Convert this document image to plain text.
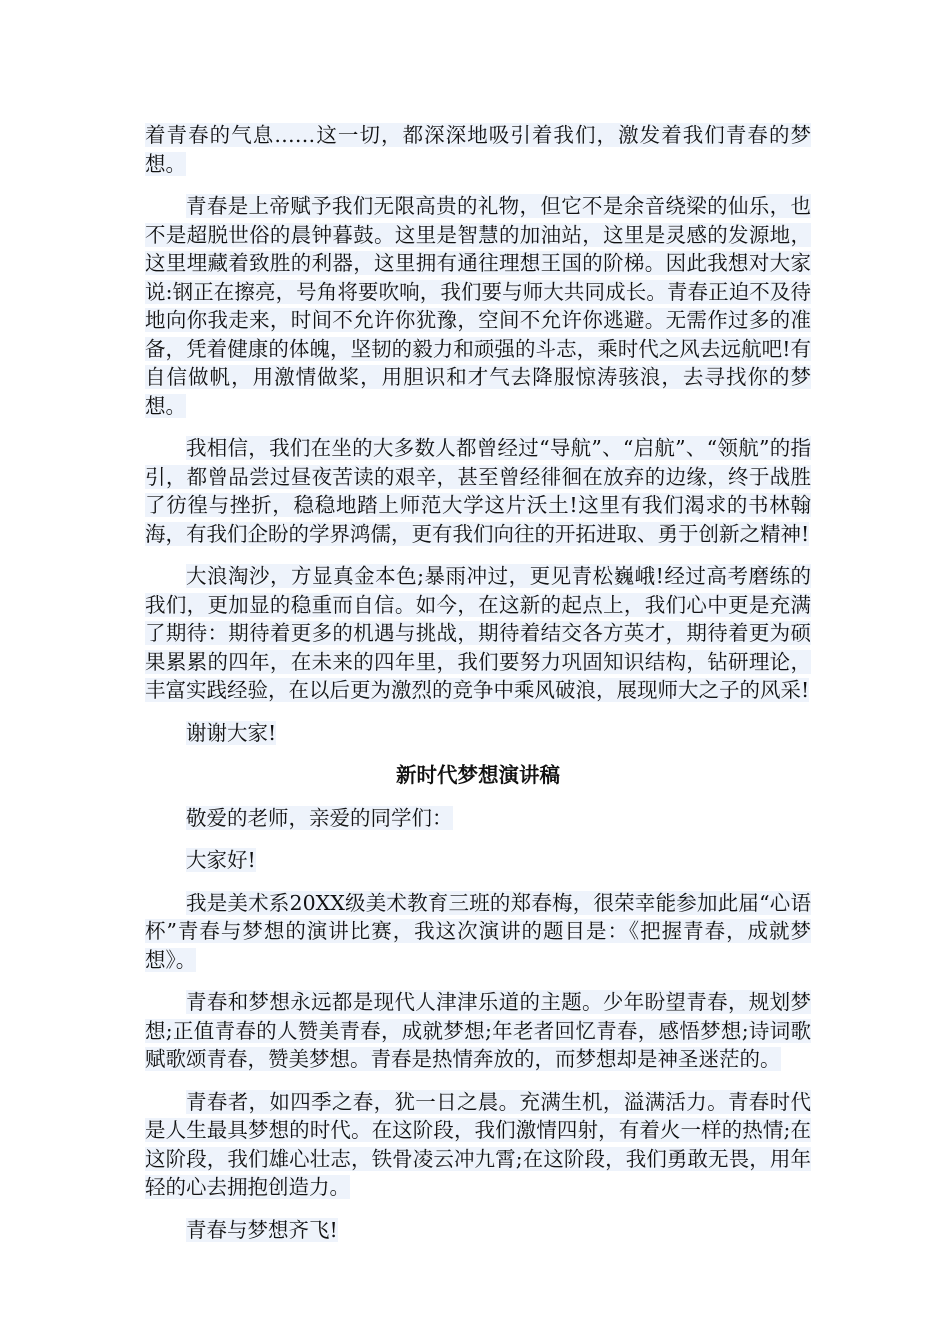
着青春的气息……这一切，都深深地吸引着我们，激发着我们青春的梦想。

青春是上帝赋予我们无限高贵的礼物，但它不是余音绕梁的仙乐，也不是超脱世俗的晨钟暮鼓。这里是智慧的加油站，这里是灵感的发源地，这里埋藏着致胜的利器，这里拥有通往理想王国的阶梯。因此我想对大家说:钢正在擦亮，号角将要吹响，我们要与师大共同成长。青春正迫不及待地向你我走来，时间不允许你犹豫，空间不允许你逃避。无需作过多的准备，凭着健康的体魄，坚韧的毅力和顽强的斗志，乘时代之风去远航吧!有自信做帆，用激情做桨，用胆识和才气去降服惊涛骇浪，去寻找你的梦想。

我相信，我们在坐的大多数人都曾经过“导航”、“启航”、“领航”的指引，都曾品尝过昼夜苦读的艰辛，甚至曾经徘徊在放弃的边缘，终于战胜了彷徨与挫折，稳稳地踏上师范大学这片沃土!这里有我们渴求的书林翰海，有我们企盼的学界鸿儒，更有我们向往的开拓进取、勇于创新之精神!

大浪淘沙，方显真金本色;暴雨冲过，更见青松巍峨!经过高考磨练的我们，更加显的稳重而自信。如今，在这新的起点上，我们心中更是充满了期待：期待着更多的机遇与挑战，期待着结交各方英才，期待着更为硕果累累的四年，在未来的四年里，我们要努力巩固知识结构，钻研理论，丰富实践经验，在以后更为激烈的竞争中乘风破浪，展现师大之子的风采!

谢谢大家!

新时代梦想演讲稿

敬爱的老师，亲爱的同学们：

大家好!

我是美术系20XX级美术教育三班的郑春梅，很荣幸能参加此届“心语杯”青春与梦想的演讲比赛，我这次演讲的题目是：《把握青春，成就梦想》。

青春和梦想永远都是现代人津津乐道的主题。少年盼望青春，规划梦想;正值青春的人赞美青春，成就梦想;年老者回忆青春，感悟梦想;诗词歌赋歌颂青春，赞美梦想。青春是热情奔放的，而梦想却是神圣迷茫的。

青春者，如四季之春，犹一日之晨。充满生机，溢满活力。青春时代是人生最具梦想的时代。在这阶段，我们激情四射，有着火一样的热情;在这阶段，我们雄心壮志，铁骨凌云冲九霄;在这阶段，我们勇敢无畏，用年轻的心去拥抱创造力。

青春与梦想齐飞!
